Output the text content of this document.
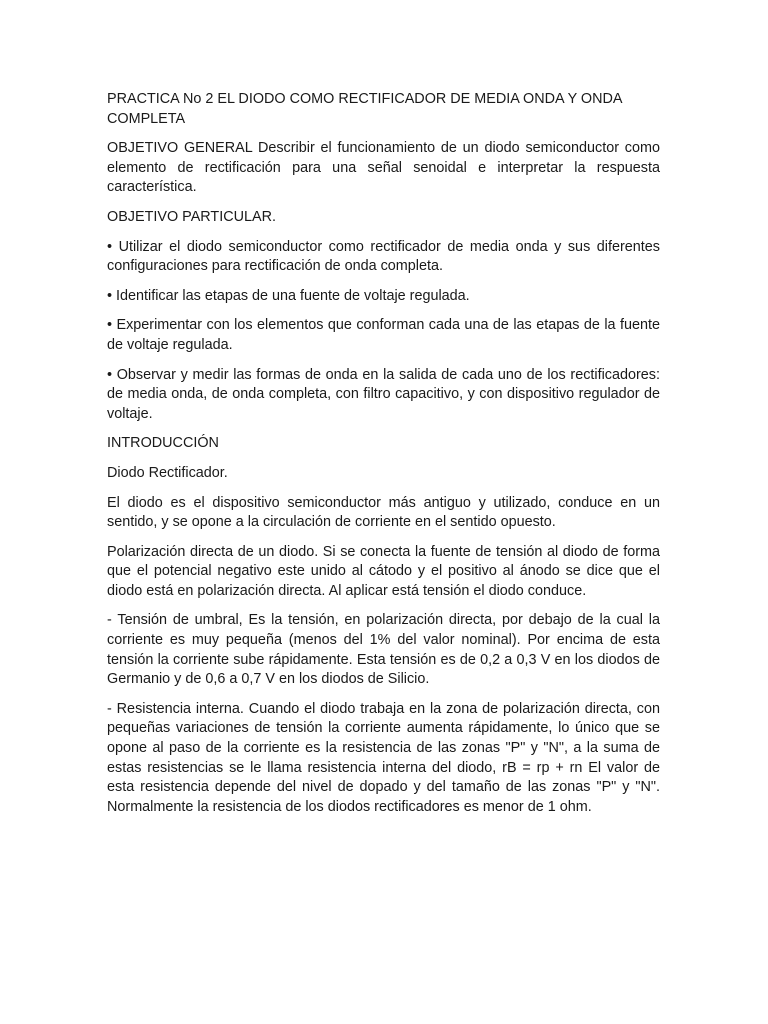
PRACTICA No 2 EL DIODO COMO RECTIFICADOR DE MEDIA ONDA Y ONDA COMPLETA

OBJETIVO GENERAL Describir el funcionamiento de un diodo semiconductor como elemento de rectificación para una señal senoidal e interpretar la respuesta característica.

OBJETIVO PARTICULAR.

• Utilizar el diodo semiconductor como rectificador de media onda y sus diferentes configuraciones para rectificación de onda completa.

• Identificar las etapas de una fuente de voltaje regulada.

• Experimentar con los elementos que conforman cada una de las etapas de la fuente de voltaje regulada.

• Observar y medir las formas de onda en la salida de cada uno de los rectificadores: de media onda, de onda completa, con filtro capacitivo, y con dispositivo regulador de voltaje.

INTRODUCCIÓN

Diodo Rectificador.

El diodo es el dispositivo semiconductor más antiguo y utilizado, conduce en un sentido, y se opone a la circulación de corriente en el sentido opuesto.

Polarización directa de un diodo. Si se conecta la fuente de tensión al diodo de forma que el potencial negativo este unido al cátodo y el positivo al ánodo se dice que el diodo está en polarización directa. Al aplicar está tensión el diodo conduce.

- Tensión de umbral, Es la tensión, en polarización directa, por debajo de la cual la corriente es muy pequeña (menos del 1% del valor nominal). Por encima de esta tensión la corriente sube rápidamente. Esta tensión es de 0,2 a 0,3 V en los diodos de Germanio y de 0,6 a 0,7 V en los diodos de Silicio.

- Resistencia interna. Cuando el diodo trabaja en la zona de polarización directa, con pequeñas variaciones de tensión la corriente aumenta rápidamente, lo único que se opone al paso de la corriente es la resistencia de las zonas "P" y "N", a la suma de estas resistencias se le llama resistencia interna del diodo, rB = rp + rn El valor de esta resistencia depende del nivel de dopado y del tamaño de las zonas "P" y "N". Normalmente la resistencia de los diodos rectificadores es menor de 1 ohm.
